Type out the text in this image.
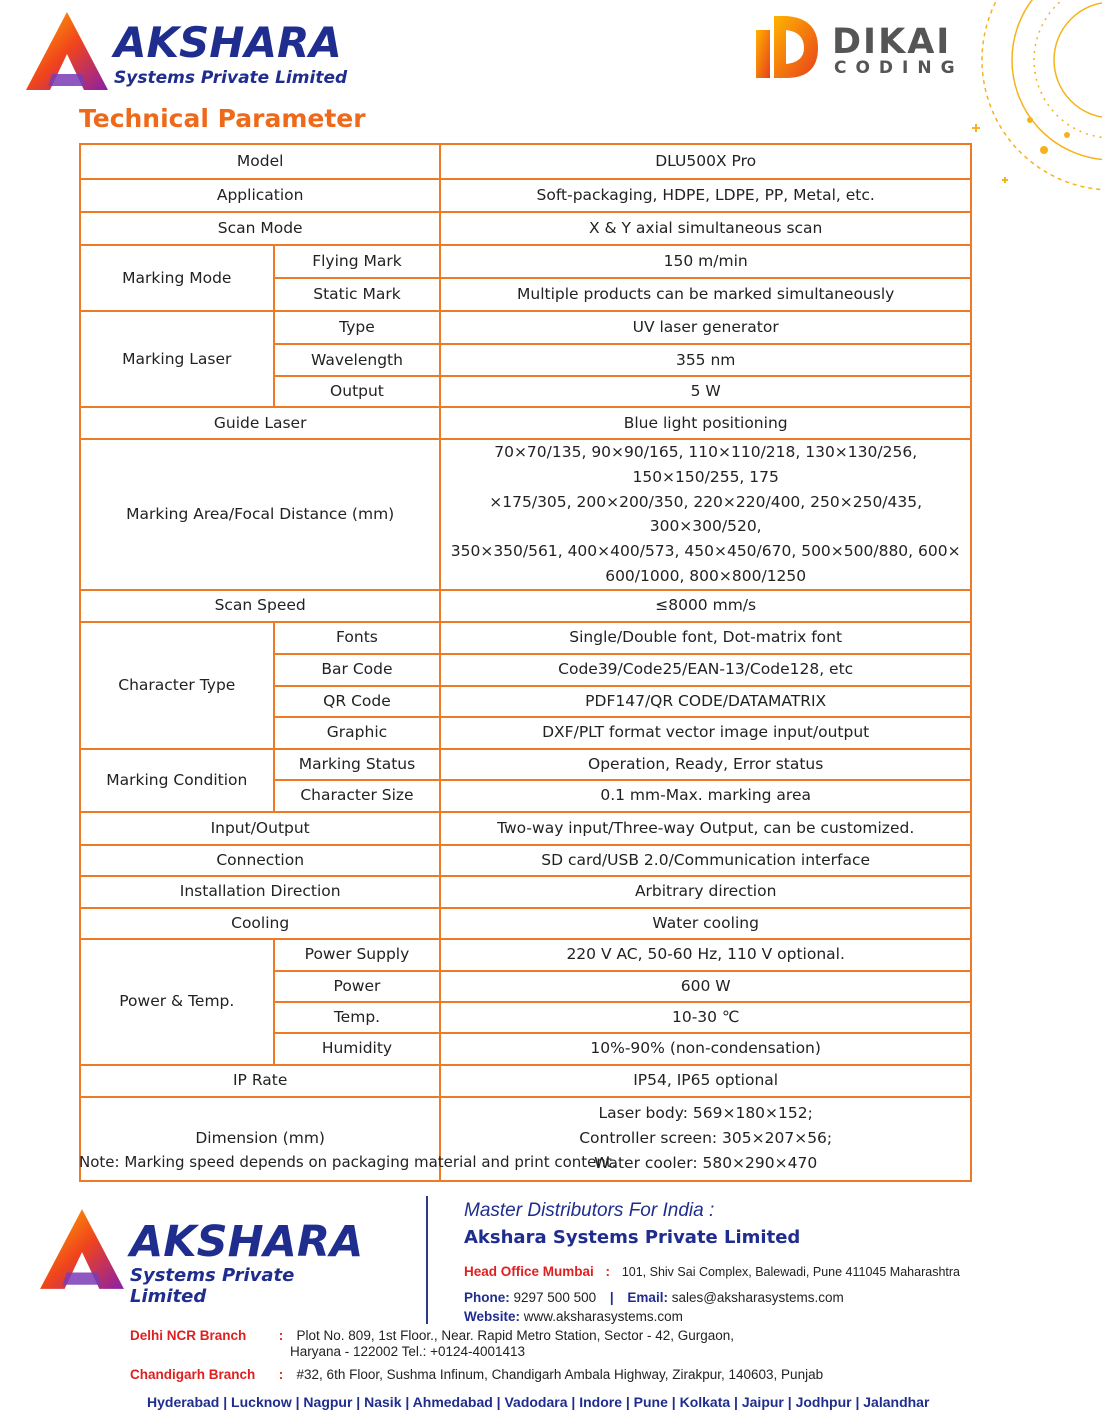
AKSHARA
Systems Private Limited
DIKAI
CODING
Technical Parameter
Model		DLU500X Pro
Application		Soft-packaging, HDPE, LDPE, PP, Metal, etc.
Scan Mode		X & Y axial simultaneous scan
Marking Mode	Flying Mark	150 m/min
	Static Mark	Multiple products can be marked simultaneously
Marking Laser	Type	UV laser generator
	Wavelength	355 nm
	Output	5 W
Guide Laser		Blue light positioning
Marking Area/Focal Distance (mm)		70×70/135, 90×90/165, 110×110/218, 130×130/256, 150×150/255, 175
×175/305, 200×200/350, 220×220/400, 250×250/435, 300×300/520,
350×350/561, 400×400/573, 450×450/670, 500×500/880, 600×
600/1000, 800×800/1250

Scan Speed		≤8000 mm/s
Character Type	Fonts	Single/Double font, Dot-matrix font
	Bar Code	Code39/Code25/EAN-13/Code128, etc
	QR Code	PDF147/QR CODE/DATAMATRIX
	Graphic	DXF/PLT format vector image input/output
Marking Condition	Marking Status	Operation, Ready, Error status
	Character Size	0.1 mm-Max. marking area
Input/Output		Two-way input/Three-way Output, can be customized.
Connection		SD card/USB 2.0/Communication interface
Installation Direction		Arbitrary direction
Cooling		Water cooling
Power & Temp.	Power Supply	220 V AC, 50-60 Hz, 110 V optional.
	Power	600 W
	Temp.	10-30 ℃
	Humidity	10%-90% (non-condensation)
IP Rate		IP54, IP65 optional
Dimension (mm)		Laser body: 569×180×152;
Controller screen: 305×207×56;
Water cooler: 580×290×470
Note: Marking speed depends on packaging material and print content.
AKSHARA
Systems Private Limited
Master Distributors For India :
Akshara Systems Private Limited
Head Office Mumbai : 101, Shiv Sai Complex, Balewadi, Pune 411045 Maharashtra
Phone: 9297 500 500 | Email: sales@aksharasystems.com
Website: www.aksharasystems.com
Delhi NCR Branch : Plot No. 809, 1st Floor., Near. Rapid Metro Station, Sector - 42, Gurgaon,
Haryana - 122002 Tel.: +0124-4001413
Chandigarh Branch : #32, 6th Floor, Sushma Infinum, Chandigarh Ambala Highway, Zirakpur, 140603, Punjab
Hyderabad | Lucknow | Nagpur | Nasik | Ahmedabad | Vadodara | Indore | Pune | Kolkata | Jaipur | Jodhpur | Jalandhar
